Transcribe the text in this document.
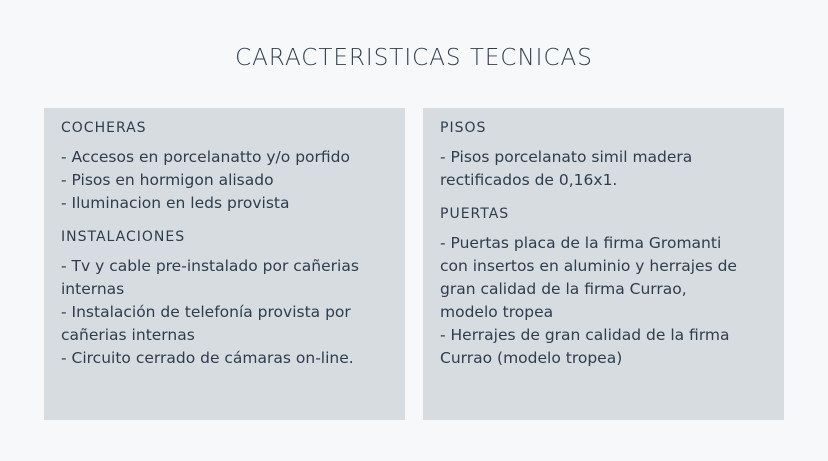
CARACTERISTICAS TECNICAS
COCHERAS
- Accesos en porcelanatto y/o porfido
- Pisos en hormigon alisado
- Iluminacion en leds provista
INSTALACIONES
- Tv y cable pre-instalado por cañerias
internas
- Instalación de telefonía provista por
cañerias internas
- Circuito cerrado de cámaras on-line.
PISOS
- Pisos porcelanato simil madera
rectificados de 0,16x1.
PUERTAS
- Puertas placa de la firma Gromanti
con insertos en aluminio y herrajes de
gran calidad de la firma Currao,
modelo tropea
- Herrajes de gran calidad de la firma
Currao (modelo tropea)
